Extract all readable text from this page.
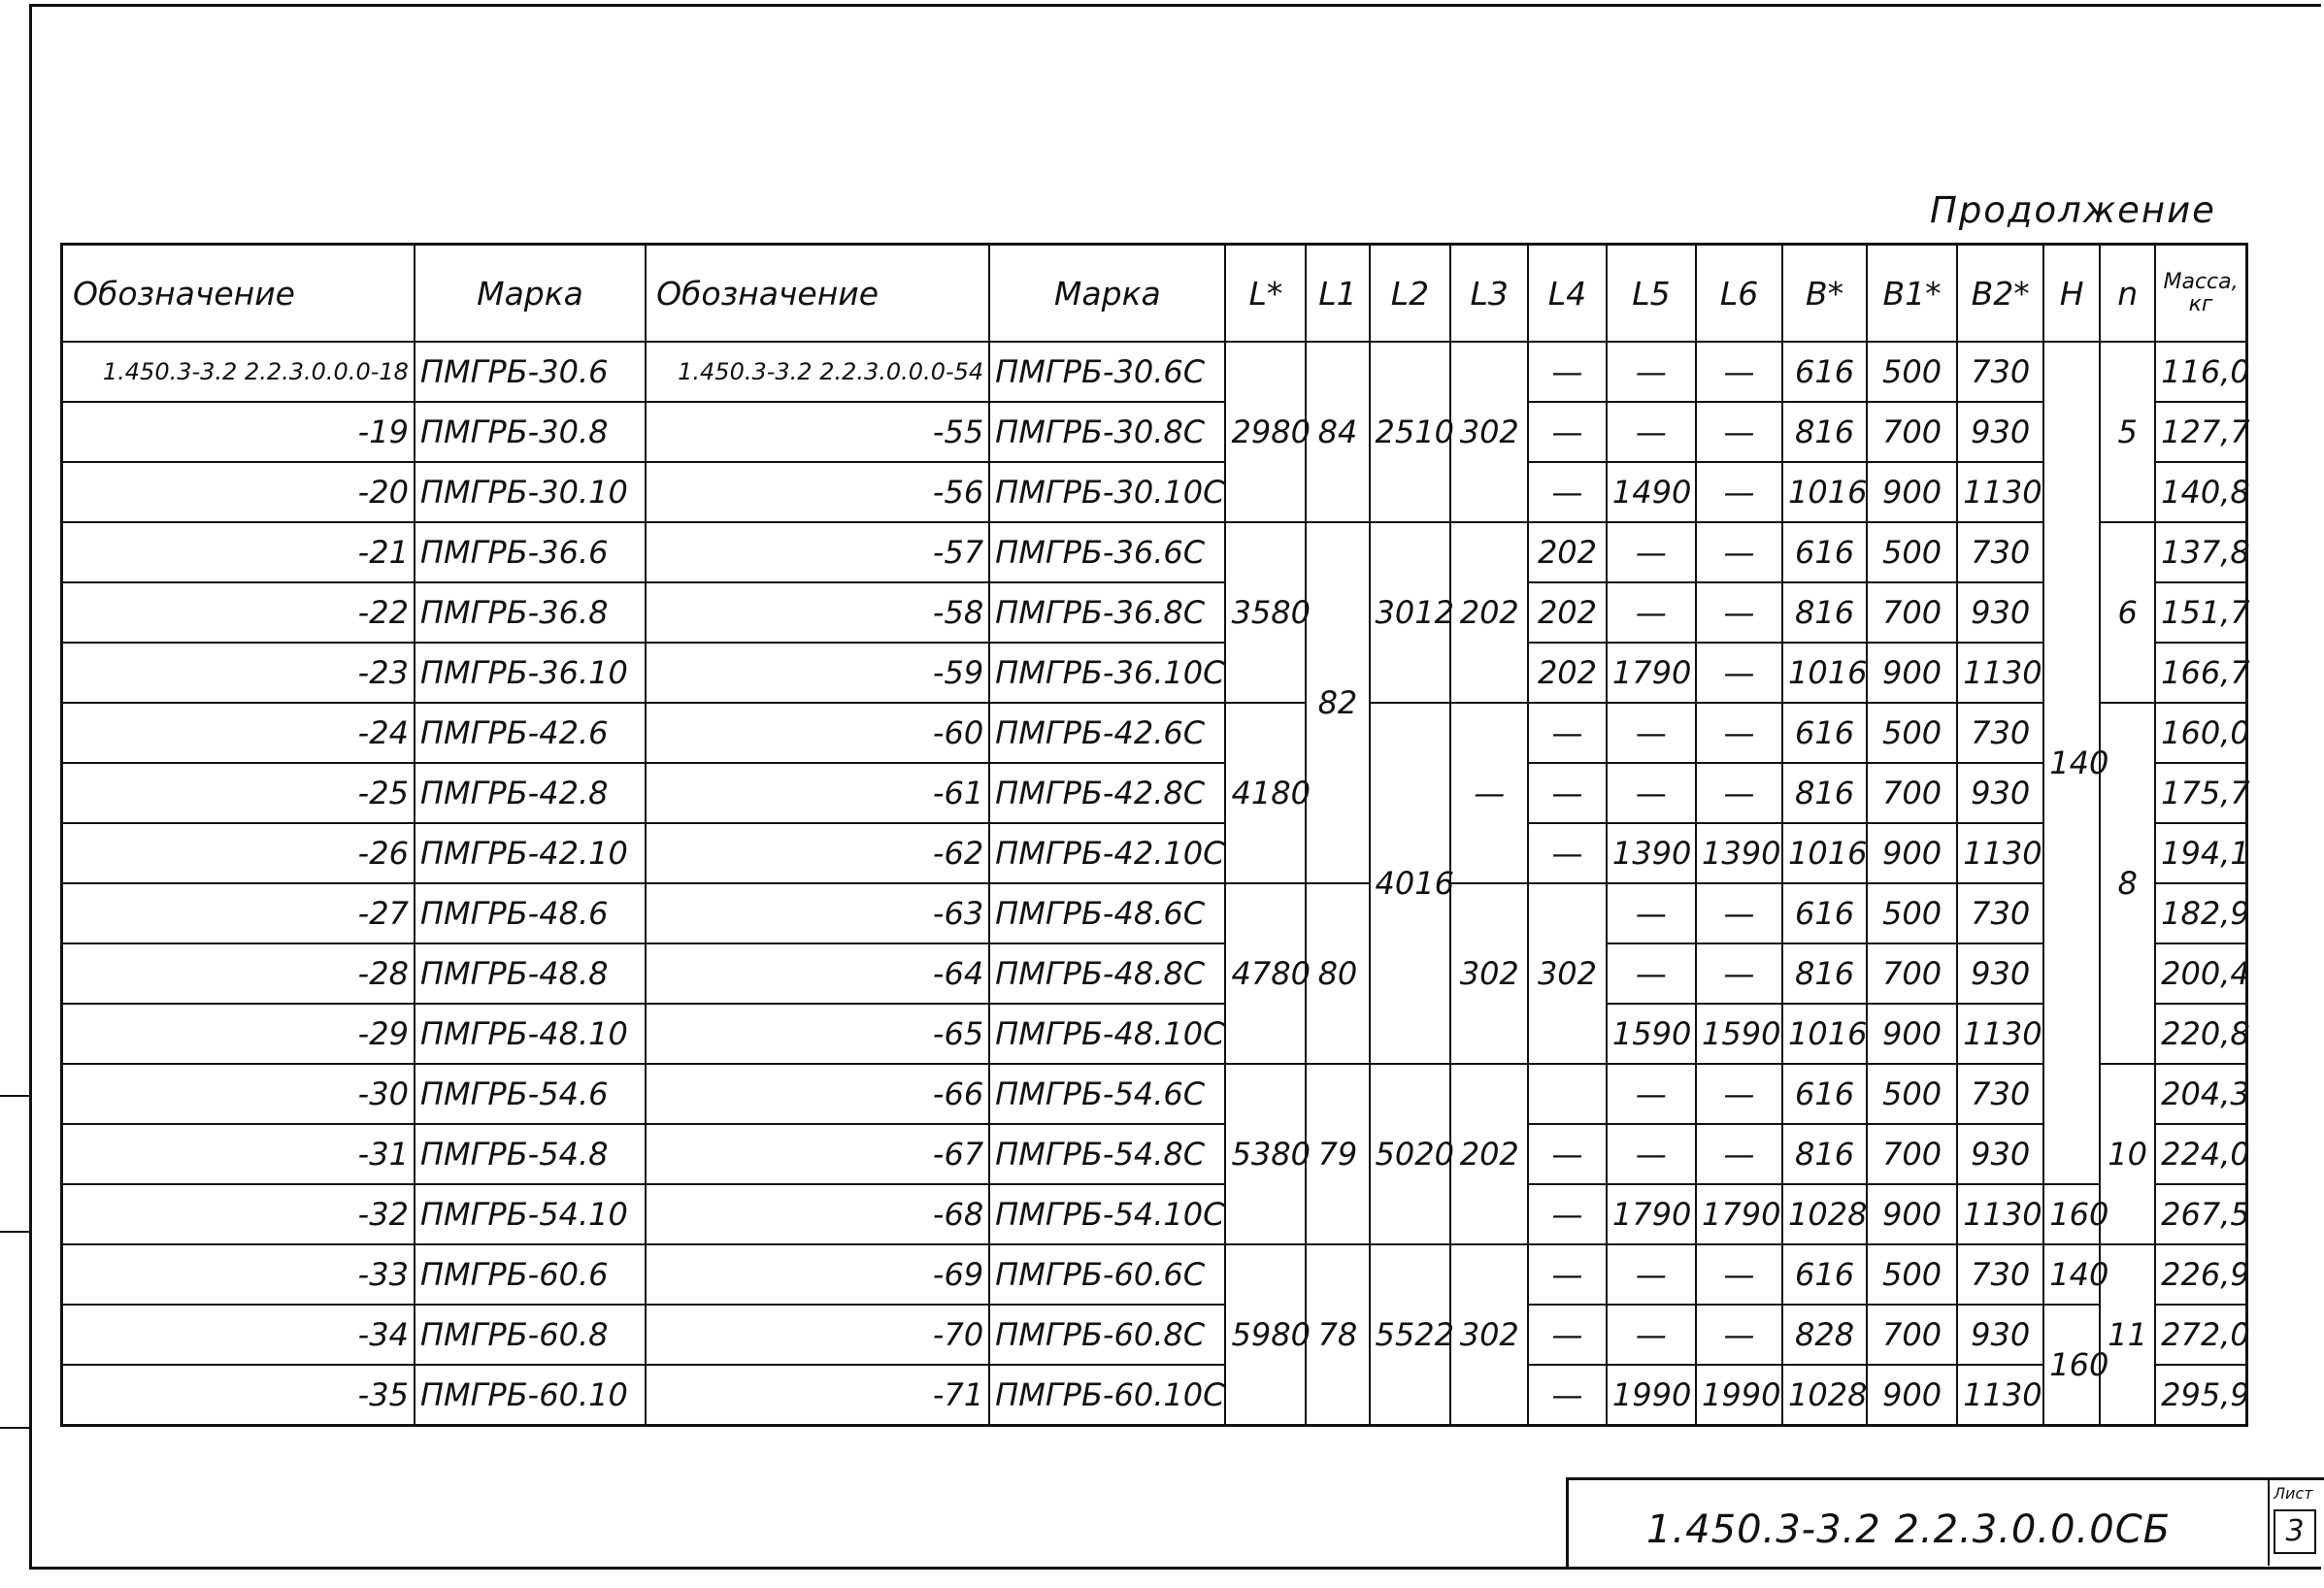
Продолжение
Обозначение	Марка	Обозначение	Марка	L*	L1	L2	L3	L4	L5	L6	B*	B1*	B2*	H	n	Масса, кг
1.450.3-3.2 2.2.3.0.0.0-18	ПМГРБ-30.6	1.450.3-3.2 2.2.3.0.0.0-54	ПМГРБ-30.6С	2980	84	2510	302	—	—	—	616	500	730	140	5	116,0
-19	ПМГРБ-30.8	-55	ПМГРБ-30.8С					—	—	—	816	700	930			127,7
-20	ПМГРБ-30.10	-56	ПМГРБ-30.10С					—	1490	—	1016	900	1130			140,8
-21	ПМГРБ-36.6	-57	ПМГРБ-36.6С	3580	82	3012	202	202	—	—	616	500	730		6	137,8
-22	ПМГРБ-36.8	-58	ПМГРБ-36.8С					202	—	—	816	700	930			151,7
-23	ПМГРБ-36.10	-59	ПМГРБ-36.10С					202	1790	—	1016	900	1130			166,7
-24	ПМГРБ-42.6	-60	ПМГРБ-42.6С	4180		4016	—	—	—	—	616	500	730		8	160,0
-25	ПМГРБ-42.8	-61	ПМГРБ-42.8С					—	—	—	816	700	930			175,7
-26	ПМГРБ-42.10	-62	ПМГРБ-42.10С					—	1390	1390	1016	900	1130			194,1
-27	ПМГРБ-48.6	-63	ПМГРБ-48.6С	4780	80		302	302	—	—	616	500	730			182,9
-28	ПМГРБ-48.8	-64	ПМГРБ-48.8С						—	—	816	700	930			200,4
-29	ПМГРБ-48.10	-65	ПМГРБ-48.10С						1590	1590	1016	900	1130			220,8
-30	ПМГРБ-54.6	-66	ПМГРБ-54.6С	5380	79	5020	202		—	—	616	500	730		10	204,3
-31	ПМГРБ-54.8	-67	ПМГРБ-54.8С					—	—	—	816	700	930			224,0
-32	ПМГРБ-54.10	-68	ПМГРБ-54.10С					—	1790	1790	1028	900	1130	160		267,5
-33	ПМГРБ-60.6	-69	ПМГРБ-60.6С	5980	78	5522	302	—	—	—	616	500	730	140	11	226,9
-34	ПМГРБ-60.8	-70	ПМГРБ-60.8С					—	—	—	828	700	930	160		272,0
-35	ПМГРБ-60.10	-71	ПМГРБ-60.10С					—	1990	1990	1028	900	1130			295,9
1.450.3-3.2 2.2.3.0.0.0СБ
Лист
3
